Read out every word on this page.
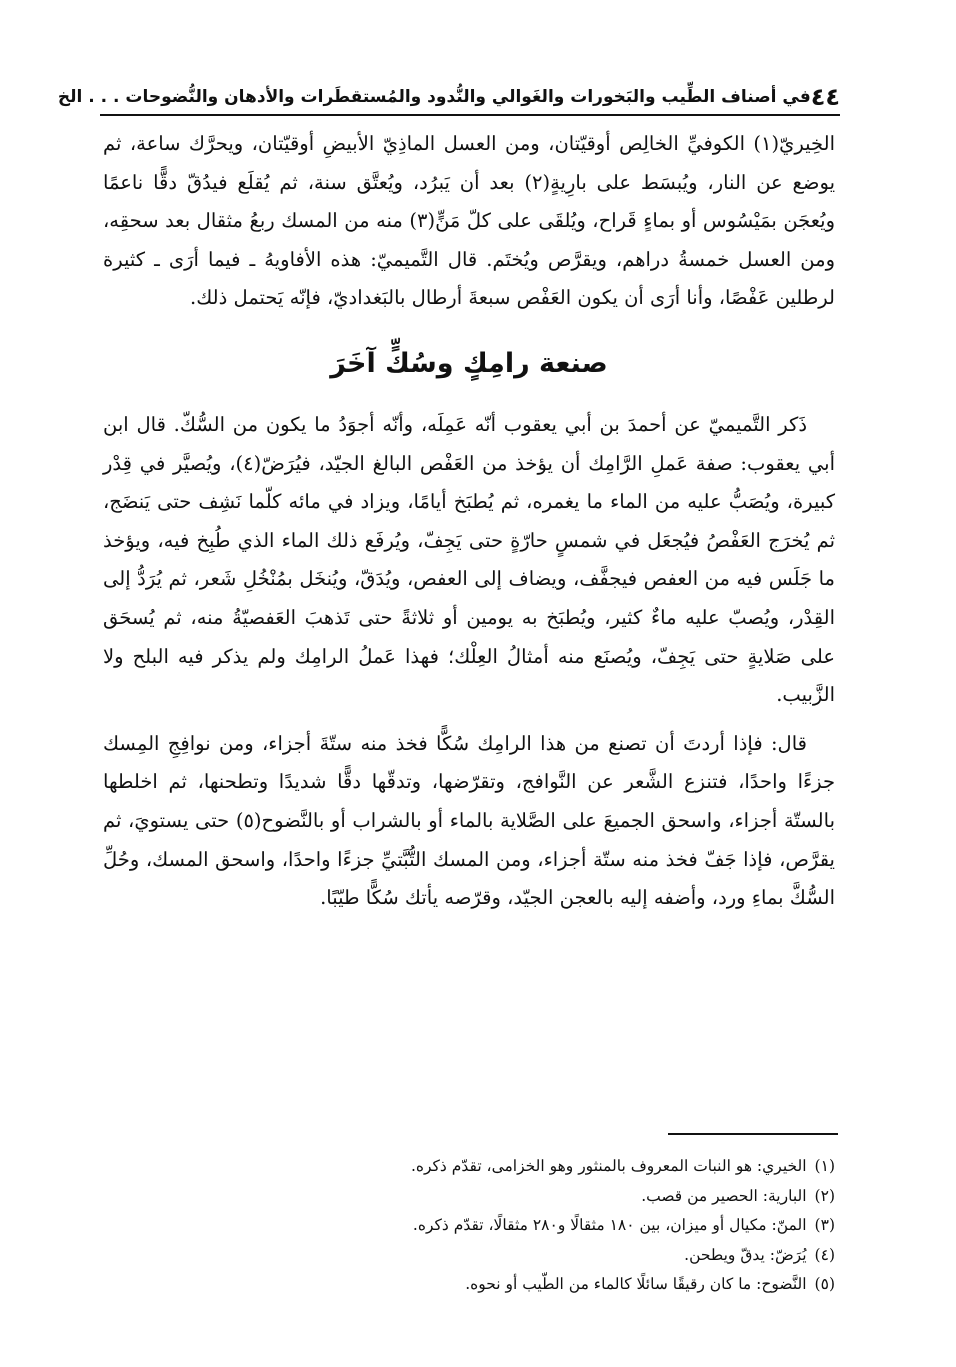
٤٤
في أصناف الطِّيب والبَخورات والغَوالي والنُّدود والمُستقطَرات والأدهان والنُّضوحات . . . الخ

الخِيريّ(١) الكوفيِّ الخالِص أوقيّتان، ومن العسل الماذِيّ الأبيضِ أوقيّتان، ويحرَّك ساعة، ثم يوضع عن النار، ويُبسَط على بارِيةٍ(٢) بعد أن يَبرُد، ويُعتَّق سنة، ثم يُقلَع فيدُقّ دقًّا ناعمًا ويُعجَن بمَيْسُوس أو بماءٍ قَراح، ويُلقَى على كلّ مَنٍّ(٣) منه من المسك ربعُ مثقال بعد سحقِه، ومن العسل خمسةُ دراهم، ويقرَّص ويُختَم. قال التَّميميّ: هذه الأفاويهُ ـ فيما أرَى ـ كثيرة لرطلين عَفْصًا، وأنا أرَى أن يكون العَفْص سبعةَ أرطال بالبَغداديّ، فإنّه يَحتمل ذلك.

صنعة رامِكٍ وسُكٍّ آخَرَ

ذَكر التَّميميّ عن أحمدَ بن أبي يعقوب أنّه عَمِلَه، وأنّه أجوَدُ ما يكون من السُّكّ. قال ابن أبي يعقوب: صفة عَملِ الرَّامِك أن يؤخذ من العَفْص البالغ الجيّد، فيُرَضّ(٤)، ويُصيَّر في قِدْر كبيرة، ويُصَبُّ عليه من الماء ما يغمره، ثم يُطبَخ أيامًا، ويزاد في مائه كلّما نَشِف حتى يَنضَج، ثم يُخرَج العَفْصُ فيُجعَل في شمسٍ حارّةٍ حتى يَجِفّ، ويُرفَع ذلك الماء الذي طُبِخ فيه، ويؤخذ ما جَلَس فيه من العفص فيجفَّف، ويضاف إلى العفص، ويُدَقّ، ويُنخَل بمُنْخُلِ شَعر، ثم يُرَدُّ إلى القِدْر، ويُصبّ عليه ماءٌ كثير، ويُطبَخ به يومين أو ثلاثةً حتى تَذهبَ العَفصيّةُ منه، ثم يُسحَق على صَلايةٍ حتى يَجِفّ، ويُصنَع منه أمثالُ العِلْك؛ فهذا عَملُ الرامِك ولم يذكر فيه البلح ولا الزَّبيب.

قال: فإذا أردتَ أن تصنع من هذا الرامِك سُكًّا فخذ منه ستّةَ أجزاء، ومن نوافِجِ المِسك جزءًا واحدًا، فتنزع الشَّعر عن النَّوافج، وتقرّضها، وتدقّها دقًّا شديدًا وتطحنها، ثم اخلطها بالستّة أجزاء، واسحق الجميعَ على الصَّلاية بالماء أو بالشراب أو بالنَّضوح(٥) حتى يستويَ، ثم يقرَّص، فإذا جَفّ فخذ منه ستّة أجزاء، ومن المسك التُّبَّتيِّ جزءًا واحدًا، واسحق المسك، وحُلِّ السُّكَّ بماءِ ورد، وأضفه إليه بالعجن الجيّد، وقرّصه يأتك سُكًّا طيّبًا.

(١)الخيري: هو النبات المعروف بالمنثور وهو الخزامى، تقدّم ذكره.
(٢)البارية: الحصير من قصب.
(٣)المنّ: مكيال أو ميزان، بين ١٨٠ مثقالًا و٢٨٠ مثقالًا، تقدّم ذكره.
(٤)يُرَضّ: يدقّ ويطحن.
(٥)النَّضوح: ما كان رقيقًا سائلًا كالماء من الطّيب أو نحوه.
